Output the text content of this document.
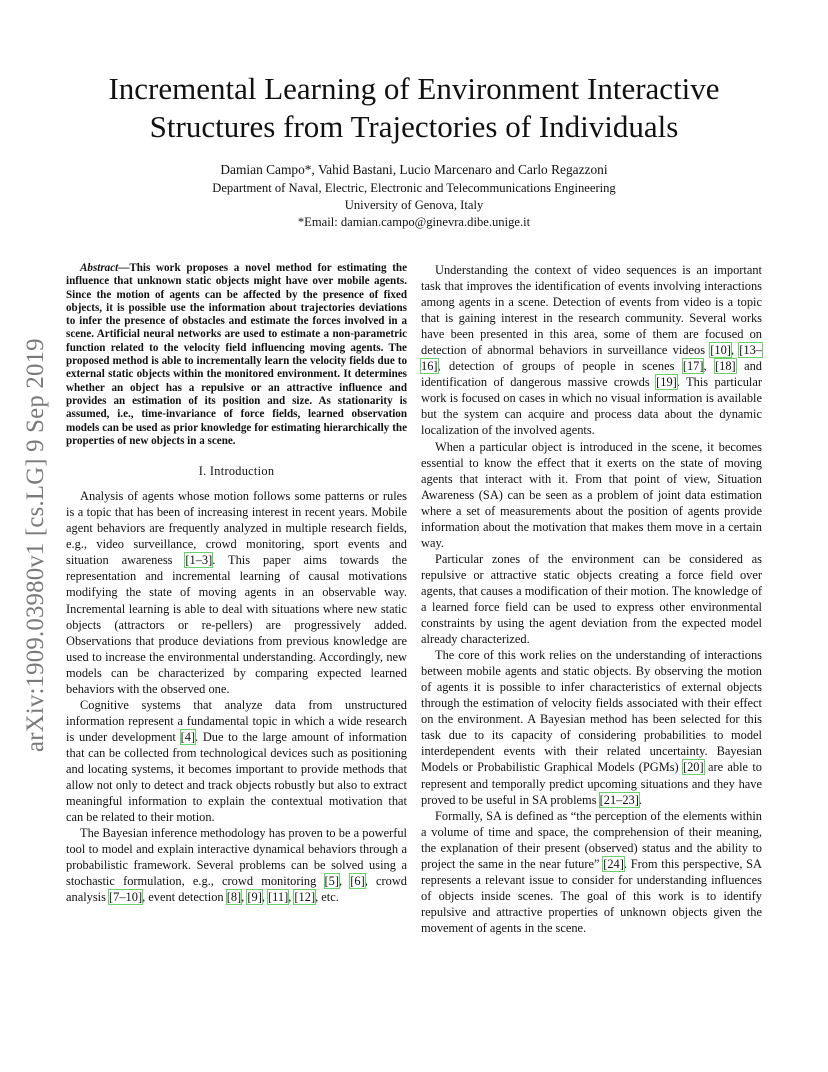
Incremental Learning of Environment Interactive
Structures from Trajectories of Individuals
Damian Campo*, Vahid Bastani, Lucio Marcenaro and Carlo Regazzoni
Department of Naval, Electric, Electronic and Telecommunications Engineering
University of Genova, Italy
*Email: damian.campo@ginevra.dibe.unige.it
arXiv:1909.03980v1 [cs.LG] 9 Sep 2019

Abstract—This work proposes a novel method for estimating the influence that unknown static objects might have over mobile agents. Since the motion of agents can be affected by the presence of fixed objects, it is possible use the information about trajectories deviations to infer the presence of obstacles and estimate the forces involved in a scene. Artificial neural networks are used to estimate a non-parametric function related to the velocity field influencing moving agents. The proposed method is able to incrementally learn the velocity fields due to external static objects within the monitored environment. It determines whether an object has a repulsive or an attractive influence and provides an estimation of its position and size. As stationarity is assumed, i.e., time-invariance of force fields, learned observation models can be used as prior knowledge for estimating hierarchically the properties of new objects in a scene.

I. Introduction

Analysis of agents whose motion follows some patterns or rules is a topic that has been of increasing interest in recent years. Mobile agent behaviors are frequently analyzed in multiple research fields, e.g., video surveillance, crowd monitoring, sport events and situation awareness [1–3]. This paper aims towards the representation and incremental learning of causal motivations modifying the state of moving agents in an observable way. Incremental learning is able to deal with situations where new static objects (attractors or re-pellers) are progressively added. Observations that produce deviations from previous knowledge are used to increase the environmental understanding. Accordingly, new models can be characterized by comparing expected learned behaviors with the observed one.

Cognitive systems that analyze data from unstructured information represent a fundamental topic in which a wide research is under development [4]. Due to the large amount of information that can be collected from technological devices such as positioning and locating systems, it becomes important to provide methods that allow not only to detect and track objects robustly but also to extract meaningful information to explain the contextual motivation that can be related to their motion.

The Bayesian inference methodology has proven to be a powerful tool to model and explain interactive dynamical behaviors through a probabilistic framework. Several problems can be solved using a stochastic formulation, e.g., crowd monitoring [5], [6], crowd analysis [7–10], event detection [8], [9], [11], [12], etc.

Understanding the context of video sequences is an important task that improves the identification of events involving interactions among agents in a scene. Detection of events from video is a topic that is gaining interest in the research community. Several works have been presented in this area, some of them are focused on detection of abnormal behaviors in surveillance videos [10], [13–16], detection of groups of people in scenes [17], [18] and identification of dangerous massive crowds [19]. This particular work is focused on cases in which no visual information is available but the system can acquire and process data about the dynamic localization of the involved agents.

When a particular object is introduced in the scene, it becomes essential to know the effect that it exerts on the state of moving agents that interact with it. From that point of view, Situation Awareness (SA) can be seen as a problem of joint data estimation where a set of measurements about the position of agents provide information about the motivation that makes them move in a certain way.

Particular zones of the environment can be considered as repulsive or attractive static objects creating a force field over agents, that causes a modification of their motion. The knowledge of a learned force field can be used to express other environmental constraints by using the agent deviation from the expected model already characterized.

The core of this work relies on the understanding of interactions between mobile agents and static objects. By observing the motion of agents it is possible to infer characteristics of external objects through the estimation of velocity fields associated with their effect on the environment. A Bayesian method has been selected for this task due to its capacity of considering probabilities to model interdependent events with their related uncertainty. Bayesian Models or Probabilistic Graphical Models (PGMs) [20] are able to represent and temporally predict upcoming situations and they have proved to be useful in SA problems [21–23].

Formally, SA is defined as “the perception of the elements within a volume of time and space, the comprehension of their meaning, the explanation of their present (observed) status and the ability to project the same in the near future” [24]. From this perspective, SA represents a relevant issue to consider for understanding influences of objects inside scenes. The goal of this work is to identify repulsive and attractive properties of unknown objects given the movement of agents in the scene.
